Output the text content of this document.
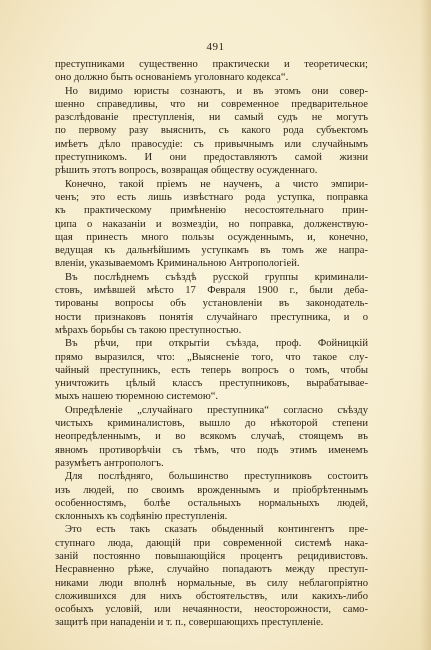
491
преступниками существенно практически и теоретически;
оно должно быть основанiемъ уголовнаго кодекса“.
Но видимо юристы сознаютъ, и въ этомъ они совер-
шенно справедливы, что ни современное предварительное
разслѣдованiе преступленiя, ни самый судъ не могутъ
по первому разу выяснить, съ какого рода субъектомъ
имѣетъ дѣло правосудiе: съ привычнымъ или случайнымъ
преступникомъ. И они предоставляютъ самой жизни
рѣшить этотъ вопросъ, возвращая обществу осужденнаго.
Конечно, такой прiемъ не наученъ, а чисто эмпири-
ченъ; это есть лишь извѣстнаго рода уступка, поправка
къ практическому примѣненiю несостоятельнаго прин-
ципа о наказанiи и возмездiи, но поправка, долженствую-
щая принесть много пользы осужденнымъ, и, конечно,
ведущая къ дальнѣйшимъ уступкамъ въ томъ же напра-
вленiи, указываемомъ Криминальною Антропологiей.
Въ послѣднемъ съѣздѣ русской группы криминали-
стовъ, имѣвшей мѣсто 17 Февраля 1900 г., были деба-
тированы вопросы объ установленiи въ законодатель-
ности признаковъ понятiя случайнаго преступника, и о
мѣрахъ борьбы съ такою преступностью.
Въ рѣчи, при открытiи съѣзда, проф. Фойницкiй
прямо выразился, что: „Выясненiе того, что такое слу-
чайный преступникъ, есть теперь вопросъ о томъ, чтобы
уничтожить цѣлый классъ преступниковъ, вырабатывае-
мыхъ нашею тюремною системою“.
Опредѣленiе „случайнаго преступника“ согласно съѣзду
чистыхъ криминалистовъ, вышло до нѣкоторой степени
неопредѣленнымъ, и во всякомъ случаѣ, стоящемъ въ
явномъ противорѣчiи съ тѣмъ, что подъ этимъ именемъ
разумѣетъ антропологъ.
Для послѣдняго, большинство преступниковъ состоитъ
изъ людей, по своимъ врожденнымъ и прiобрѣтеннымъ
особенностямъ, болѣе остальныхъ нормальныхъ людей,
склонныхъ къ содѣянiю преступленiя.
Это есть такъ сказать обыденный контингентъ пре-
ступнаго люда, дающiй при современной системѣ нака-
занiй постоянно повышающiйся процентъ рецидивистовъ.
Несравненно рѣже, случайно попадаютъ между преступ-
никами люди вполнѣ нормальные, въ силу неблагопрiятно
сложившихся для нихъ обстоятельствъ, или какихъ-либо
особыхъ условiй, или нечаянности, неосторожности, само-
защитѣ при нападенiи и т. п., совершающихъ преступленiе.
